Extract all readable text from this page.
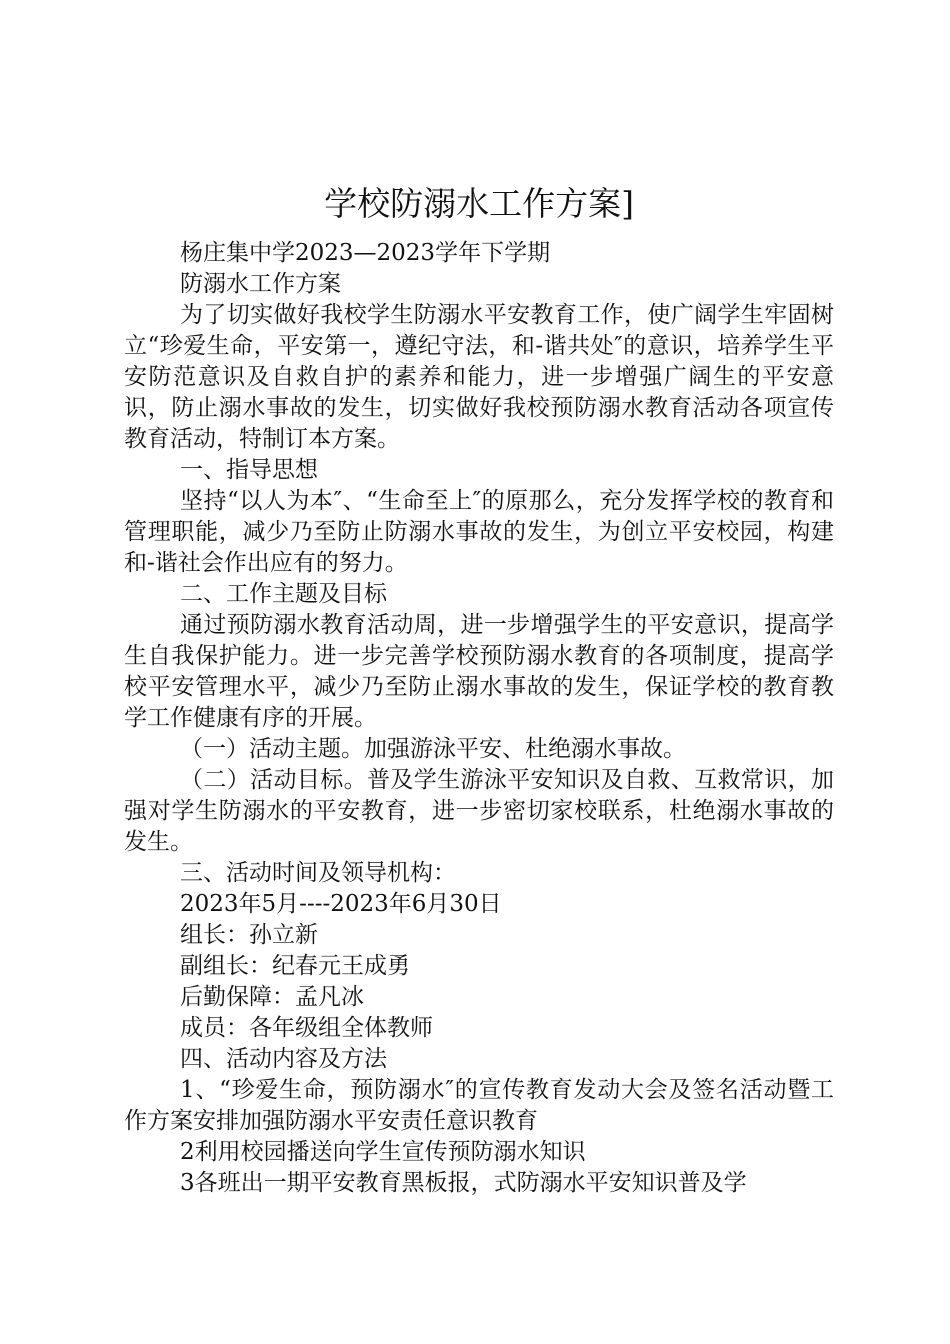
学校防溺水工作方案]

杨庄集中学2023—2023学年下学期

防溺水工作方案

为了切实做好我校学生防溺水平安教育工作，使广阔学生牢固树立“珍爱生命，平安第一，遵纪守法，和-谐共处″的意识，培养学生平安防范意识及自救自护的素养和能力，进一步增强广阔生的平安意识，防止溺水事故的发生，切实做好我校预防溺水教育活动各项宣传教育活动，特制订本方案。

一、指导思想

坚持“以人为本″、“生命至上″的原那么，充分发挥学校的教育和管理职能，减少乃至防止防溺水事故的发生，为创立平安校园，构建和-谐社会作出应有的努力。

二、工作主题及目标

通过预防溺水教育活动周，进一步增强学生的平安意识，提高学生自我保护能力。进一步完善学校预防溺水教育的各项制度，提高学校平安管理水平，减少乃至防止溺水事故的发生，保证学校的教育教学工作健康有序的开展。

（一）活动主题。加强游泳平安、杜绝溺水事故。

（二）活动目标。普及学生游泳平安知识及自救、互救常识，加强对学生防溺水的平安教育，进一步密切家校联系，杜绝溺水事故的发生。

三、活动时间及领导机构：

2023年5月----2023年6月30日

组长：孙立新

副组长：纪春元王成勇

后勤保障：孟凡冰

成员：各年级组全体教师

四、活动内容及方法

1、“珍爱生命，预防溺水″的宣传教育发动大会及签名活动暨工作方案安排加强防溺水平安责任意识教育

2利用校园播送向学生宣传预防溺水知识

3各班出一期平安教育黑板报，式防溺水平安知识普及学
